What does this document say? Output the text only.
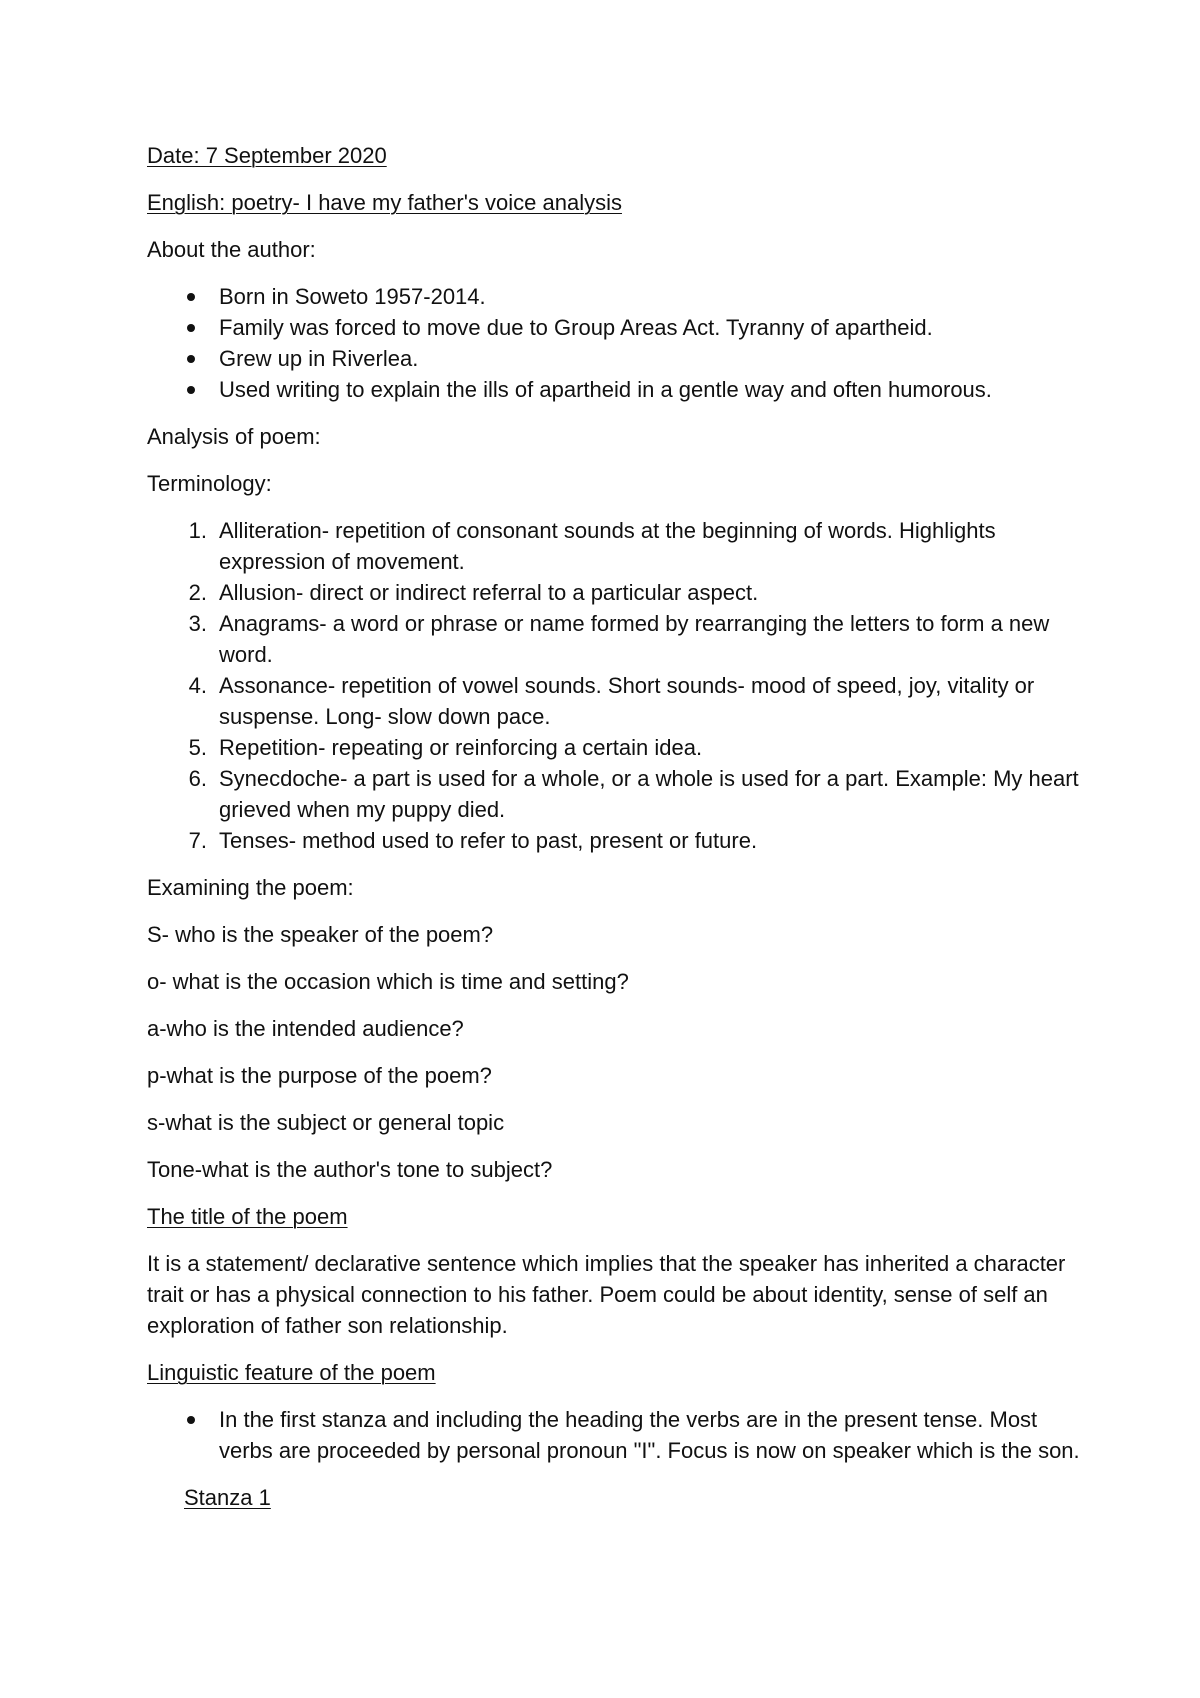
Date: 7 September 2020

English: poetry- I have my father's voice analysis

About the author:

Born in Soweto 1957-2014.
Family was forced to move due to Group Areas Act. Tyranny of apartheid.
Grew up in Riverlea.
Used writing to explain the ills of apartheid in a gentle way and often humorous.

Analysis of poem:

Terminology:

1. Alliteration- repetition of consonant sounds at the beginning of words. Highlights expression of movement.
2. Allusion- direct or indirect referral to a particular aspect.
3. Anagrams- a word or phrase or name formed by rearranging the letters to form a new word.
4. Assonance- repetition of vowel sounds. Short sounds- mood of speed, joy, vitality or suspense. Long- slow down pace.
5. Repetition- repeating or reinforcing a certain idea.
6. Synecdoche- a part is used for a whole, or a whole is used for a part. Example: My heart grieved when my puppy died.
7. Tenses- method used to refer to past, present or future.

Examining the poem:

S- who is the speaker of the poem?

o- what is the occasion which is time and setting?

a-who is the intended audience?

p-what is the purpose of the poem?

s-what is the subject or general topic

Tone-what is the author's tone to subject?

The title of the poem

It is a statement/ declarative sentence which implies that the speaker has inherited a character trait or has a physical connection to his father. Poem could be about identity, sense of self an exploration of father son relationship.

Linguistic feature of the poem

In the first stanza and including the heading the verbs are in the present tense. Most verbs are proceeded by personal pronoun "I". Focus is now on speaker which is the son.

Stanza 1
